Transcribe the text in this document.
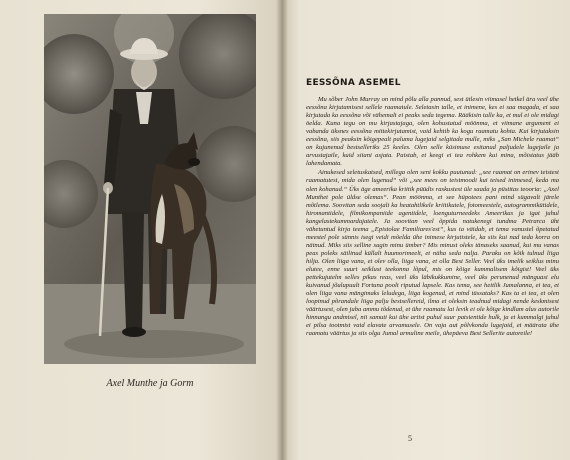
Axel Munthe ja Gorm
EESSÕNA ASEMEL

Mu sõber John Murray on mind põlu alla pannud, sest ütlesin viimasel hetkel ära veel ühe eessõna kirjutamisest sellele raamatule. Seletasin talle, et inimene, kes ei saa magada, ei saa kirjutada ka eessõna või vähemalt ei peaks seda tegema. Rääkisin talle ka, et mul ei ole midagi öelda. Kuna tegu on mu kirjastajaga, olen kohustatud möönma, et viimane argument ei vabanda üksnes eessõna mittekirjutamist, vaid kehtib ka kogu raamatu kohta. Kui kirjutaksin eessõna, siis peaksin kõigepealt paluma lugejaid selgitada mulle, miks „San Michele raamat“ on kujunenud bestselleriks 25 keeles. Olen selle küsimuse esitanud paljudele lugejaile ja arvustajaile, kuid siiani asjata. Paistab, et keegi ei tea rohkem kui mina, mõistatus jääb lahendamata.

Ainukesed seletuskatsed, millega olen seni kokku puutunud: „see raamat on erinev teistest raamatutest, mida olen lugenud“ või „see mees on teistmoodi kui teised inimesed, keda ma olen kohanud.“ Üks äge ameerika kriitik püüdis raskustest üle saada ja püstitas teooria: „Axel Munthet pole üldse olemas“. Pean möönma, et see hüpotees pani mind sügavalt järele mõtlema. Soovitan seda soojalt ka heatahtlikele kriitikutele, fotomeestele, autogrammikütidele, hiromantidele, filmikompaniide agentidele, loenguturneedeks Ameerikas ja igat juhul kangelastekummardajatele. Ja soovitan veel õppida natukenegi tundma Petrarca üht vähetuntud kirja teema „Epistolae Familiares'est“, kus ta väidab, et tema vanustel õpetatud meestel pole sünnis isegi veidi mõelda ühe inimese kirjutistele, ka siis kui nad teda korra on näinud. Miks siis selline sagin minu ümber? Mis minust oleks tänaseks saanud, kui mu vanas peas poleks säilinud küllalt huumorimeelt, et näha seda nalja. Paraku on kõik tulnud liiga hilja. Olen liiga vana, et olev olla, liiga vana, et olla Best Seller. Veel üks imelik seiklus minu elutee, enne suurt seiklust teekonna lõpul, mis on kõige kummalisem kõigist! Veel üks pettekujutelm selles pikas reas, veel üks läbikukkumine, veel üks perunenud mänguasi elu kuivanud jõulupuult Fortuna poolt riputud lapsele. Kas tema, see heitlik Jumalanna, ei tea, et olen liiga vana mängimaks leludega, liiga kogenud, et mind tüssataks? Kas ta ei tea, et olen loopinud põrandale liiga palju bestsellereid, ilma et oleksin teadnud midagi nende keskmisest väärtusest, olen juba ammu tõdenud, et ühe raamatu lai levik ei ole kõige kindlam alus autorile hinnangu andmisel, nii samuti kui ühe artist puhul suur patsientide hulk, ja et kummalgi juhul ei pilsa tootmist vaid elavate arvamusele. On vaja aut põlvkonda lugejaid, et määrata ühe raamatu väärtus ja siis olgu Jumal armuline meile, ühepäeva Best Sellerite autoreile!

5
